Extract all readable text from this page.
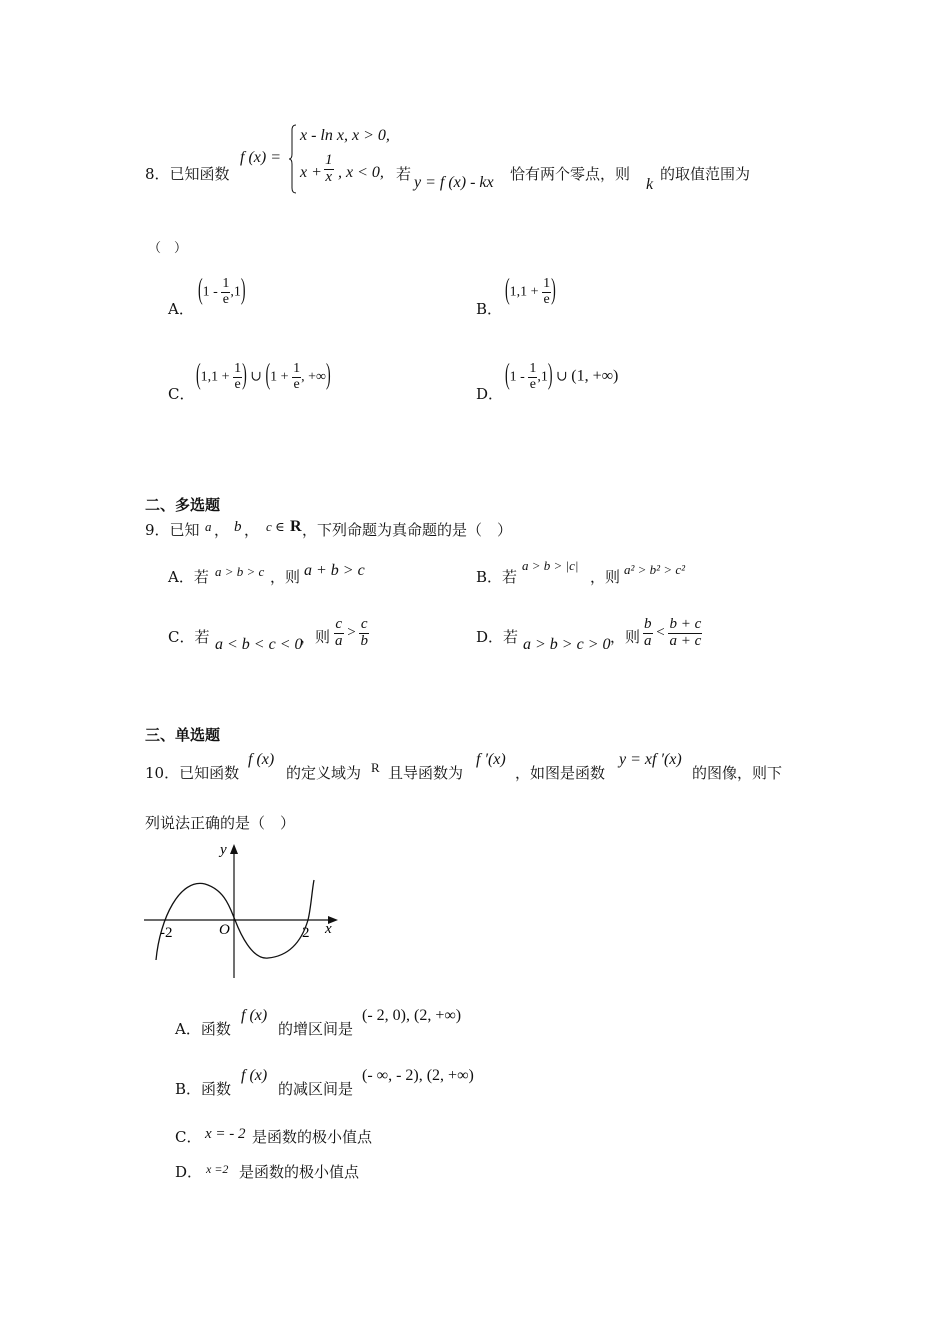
8．已知函数
f (x) =
x - ln x, x > 0,
$x + \frac{1}{x}$ , x < 0, 若 y = f (x) - kx 恰有两个零点，则
k
的取值范围为
（　）
A．
$(1 - \frac{1}{e} ,1)$
B．
($1,1 + \frac{1}{e}$ )
C．
($1,1 + \frac{1}{e}$ ) ∪ ($1 + \frac{1}{e}$ , +∞)
D．
$(1 - \frac{1}{e} ,1)$ ∪ (1, +∞)
二、多选题
9．已知 a ， b ， c ∈ R ，下列命题为真命题的是（　）
A．若 a > b > c ，则 a + b > c	B．若
a > b > |c|
，则 a² > b² > c²
C．若 a < b < c < 0
，则 $\frac{c}{a} > \frac{c}{b}$	D．若 a > b > c > 0 ，则 $\frac{b}{a} < \frac{b + c}{a + c}$
三、单选题
10．已知函数
f (x)
的定义域为 R 且导函数为
f ′(x)
，如图是函数
y = xf ′(x)
的图像，则下
列说法正确的是（　）
y
x
O
-2	2
A．函数
f (x)
的增区间是
(- 2, 0), (2, +∞)
B．函数
f (x)
的减区间是
(- ∞, - 2), (2, +∞)
C． x = - 2 是函数的极小值点
D． x =2 是函数的极小值点
